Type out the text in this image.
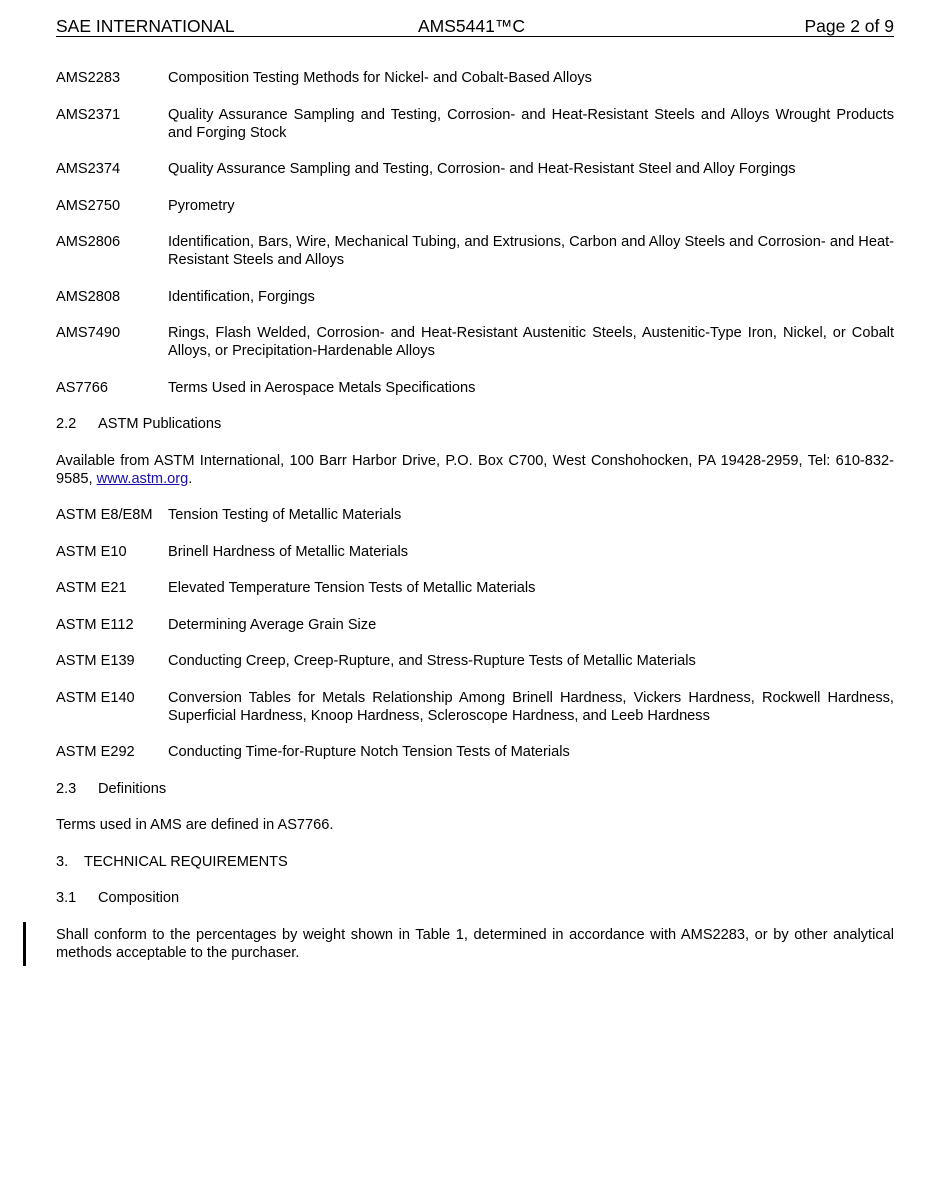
SAE INTERNATIONAL	AMS5441™C	Page 2 of 9
AMS2283	Composition Testing Methods for Nickel- and Cobalt-Based Alloys
AMS2371	Quality Assurance Sampling and Testing, Corrosion- and Heat-Resistant Steels and Alloys Wrought Products and Forging Stock
AMS2374	Quality Assurance Sampling and Testing, Corrosion- and Heat-Resistant Steel and Alloy Forgings
AMS2750	Pyrometry
AMS2806	Identification, Bars, Wire, Mechanical Tubing, and Extrusions, Carbon and Alloy Steels and Corrosion- and Heat-Resistant Steels and Alloys
AMS2808	Identification, Forgings
AMS7490	Rings, Flash Welded, Corrosion- and Heat-Resistant Austenitic Steels, Austenitic-Type Iron, Nickel, or Cobalt Alloys, or Precipitation-Hardenable Alloys
AS7766	Terms Used in Aerospace Metals Specifications
2.2 ASTM Publications
Available from ASTM International, 100 Barr Harbor Drive, P.O. Box C700, West Conshohocken, PA 19428-2959, Tel: 610-832-9585, www.astm.org.
ASTM E8/E8M	Tension Testing of Metallic Materials
ASTM E10	Brinell Hardness of Metallic Materials
ASTM E21	Elevated Temperature Tension Tests of Metallic Materials
ASTM E112	Determining Average Grain Size
ASTM E139	Conducting Creep, Creep-Rupture, and Stress-Rupture Tests of Metallic Materials
ASTM E140	Conversion Tables for Metals Relationship Among Brinell Hardness, Vickers Hardness, Rockwell Hardness, Superficial Hardness, Knoop Hardness, Scleroscope Hardness, and Leeb Hardness
ASTM E292	Conducting Time-for-Rupture Notch Tension Tests of Materials
2.3 Definitions
Terms used in AMS are defined in AS7766.
3. TECHNICAL REQUIREMENTS
3.1 Composition
Shall conform to the percentages by weight shown in Table 1, determined in accordance with AMS2283, or by other analytical methods acceptable to the purchaser.
